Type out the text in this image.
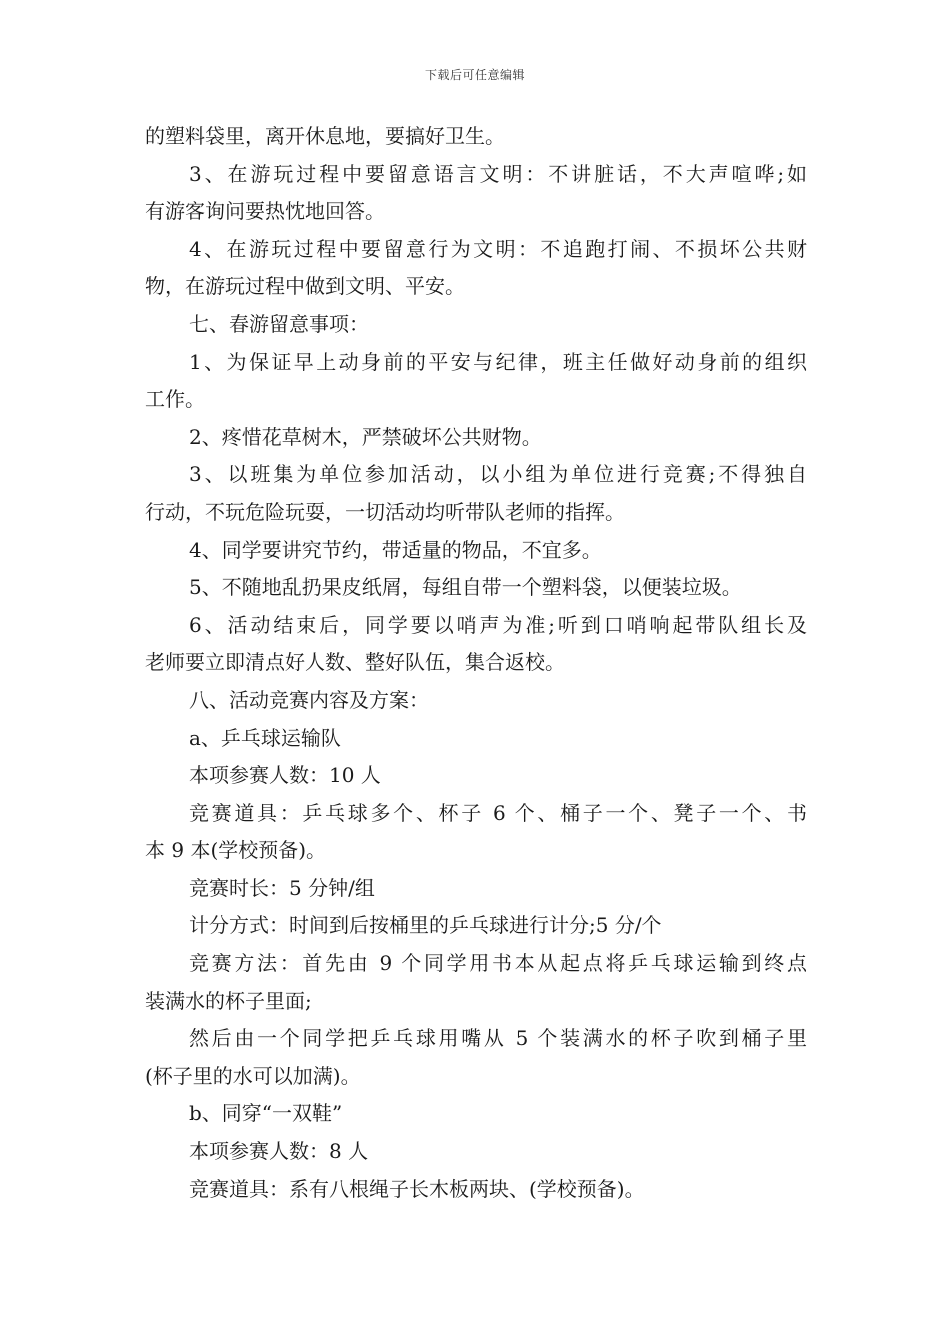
下载后可任意编辑
的塑料袋里，离开休息地，要搞好卫生。
3、在游玩过程中要留意语言文明：不讲脏话，不大声喧哗;如
有游客询问要热忱地回答。
4、在游玩过程中要留意行为文明：不追跑打闹、不损坏公共财
物，在游玩过程中做到文明、平安。
七、春游留意事项：
1、为保证早上动身前的平安与纪律，班主任做好动身前的组织
工作。
2、疼惜花草树木，严禁破坏公共财物。
3、以班集为单位参加活动，以小组为单位进行竞赛;不得独自
行动，不玩危险玩耍，一切活动均听带队老师的指挥。
4、同学要讲究节约，带适量的物品，不宜多。
5、不随地乱扔果皮纸屑，每组自带一个塑料袋，以便装垃圾。
6、活动结束后，同学要以哨声为准;听到口哨响起带队组长及
老师要立即清点好人数、整好队伍，集合返校。
八、活动竞赛内容及方案：
a、乒乓球运输队
本项参赛人数：10 人
竞赛道具：乒乓球多个、杯子 6 个、桶子一个、凳子一个、书
本 9 本(学校预备)。
竞赛时长：5 分钟/组
计分方式：时间到后按桶里的乒乓球进行计分;5 分/个
竞赛方法：首先由 9 个同学用书本从起点将乒乓球运输到终点
装满水的杯子里面;
然后由一个同学把乒乓球用嘴从 5 个装满水的杯子吹到桶子里
(杯子里的水可以加满)。
b、同穿“一双鞋”
本项参赛人数：8 人
竞赛道具：系有八根绳子长木板两块、(学校预备)。
